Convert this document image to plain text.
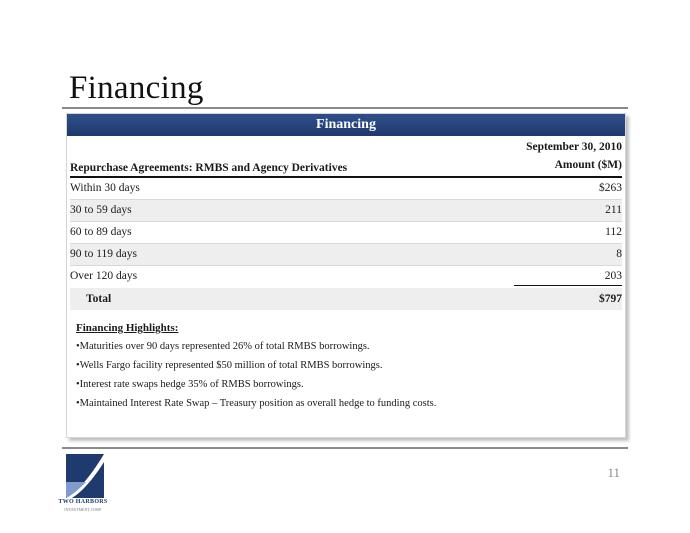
Financing
Financing
Repurchase Agreements: RMBS and Agency Derivatives
September 30, 2010
Amount ($M)
Within 30 days	$263
30 to 59 days	211
60 to 89 days	112
90 to 119 days	8
Over 120 days	203
Total	$797
Financing Highlights:
•Maturities over 90 days represented 26% of total RMBS borrowings.
•Wells Fargo facility represented $50 million of total RMBS borrowings.
•Interest rate swaps hedge 35% of RMBS borrowings.
•Maintained Interest Rate Swap – Treasury position as overall hedge to funding costs.
TWO HARBORS
INVESTMENT CORP.
11
